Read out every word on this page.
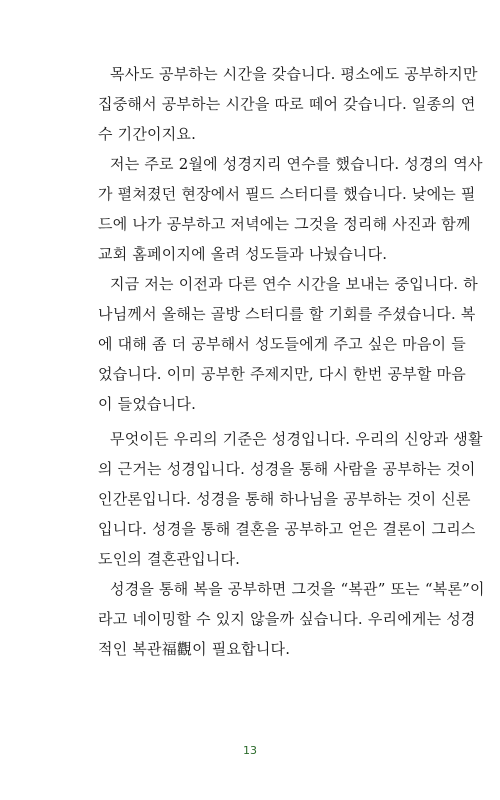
목사도 공부하는 시간을 갖습니다. 평소에도 공부하지만
집중해서 공부하는 시간을 따로 떼어 갖습니다. 일종의 연
수 기간이지요.
저는 주로 2월에 성경지리 연수를 했습니다. 성경의 역사
가 펼쳐졌던 현장에서 필드 스터디를 했습니다. 낮에는 필
드에 나가 공부하고 저녁에는 그것을 정리해 사진과 함께
교회 홈페이지에 올려 성도들과 나눴습니다.
지금 저는 이전과 다른 연수 시간을 보내는 중입니다. 하
나님께서 올해는 골방 스터디를 할 기회를 주셨습니다. 복
에 대해 좀 더 공부해서 성도들에게 주고 싶은 마음이 들
었습니다. 이미 공부한 주제지만, 다시 한번 공부할 마음
이 들었습니다.
무엇이든 우리의 기준은 성경입니다. 우리의 신앙과 생활
의 근거는 성경입니다. 성경을 통해 사람을 공부하는 것이
인간론입니다. 성경을 통해 하나님을 공부하는 것이 신론
입니다. 성경을 통해 결혼을 공부하고 얻은 결론이 그리스
도인의 결혼관입니다.
성경을 통해 복을 공부하면 그것을 “복관” 또는 “복론”이
라고 네이밍할 수 있지 않을까 싶습니다. 우리에게는 성경
적인 복관福觀이 필요합니다.
13
